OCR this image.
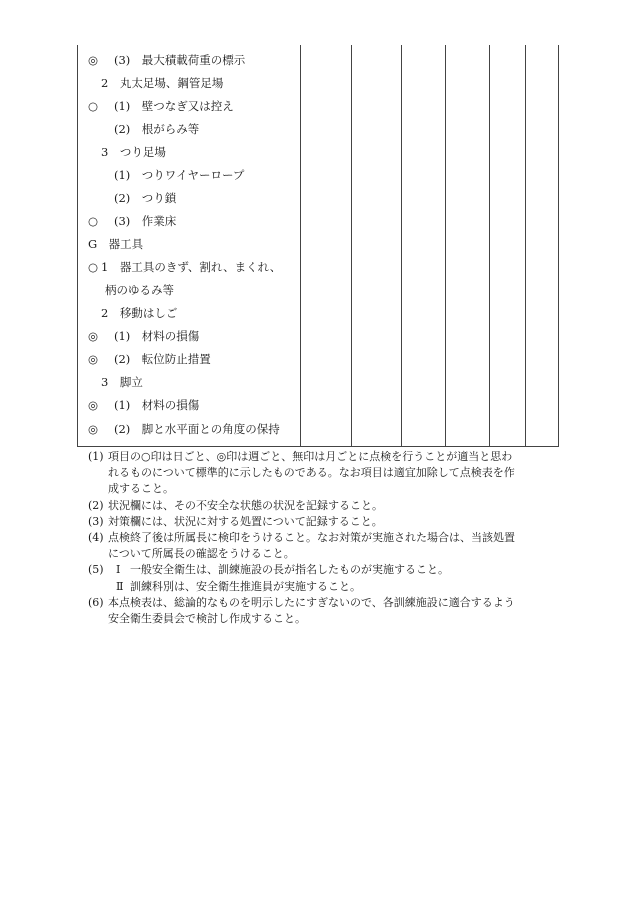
◎	(3)　最大積載荷重の標示
2　丸太足場、鋼管足場
○	(1)　壁つなぎ又は控え
(2)　根がらみ等
3　つり足場
(1)　つりワイヤーロープ
(2)　つり鎖
○	(3)　作業床
G　器工具
○ 1　器工具のきず、割れ、まくれ、
柄のゆるみ等
2　移動はしご
◎	(1)　材料の損傷
◎	(2)　転位防止措置
3　脚立
◎	(1)　材料の損傷
◎	(2)　脚と水平面との角度の保持
(1) 項目の○印は日ごと、◎印は週ごと、無印は月ごとに点検を行うことが適当と思わ
れるものについて標準的に示したものである。なお項目は適宜加除して点検表を作
成すること。
(2) 状況欄には、その不安全な状態の状況を記録すること。
(3) 対策欄には、状況に対する処置について記録すること。
(4) 点検終了後は所属長に検印をうけること。なお対策が実施された場合は、当該処置
について所属長の確認をうけること。
(5) Ⅰ 一般安全衛生は、訓練施設の長が指名したものが実施すること。
Ⅱ 訓練科別は、安全衛生推進員が実施すること。
(6) 本点検表は、総論的なものを明示したにすぎないので、各訓練施設に適合するよう
安全衛生委員会で検討し作成すること。
